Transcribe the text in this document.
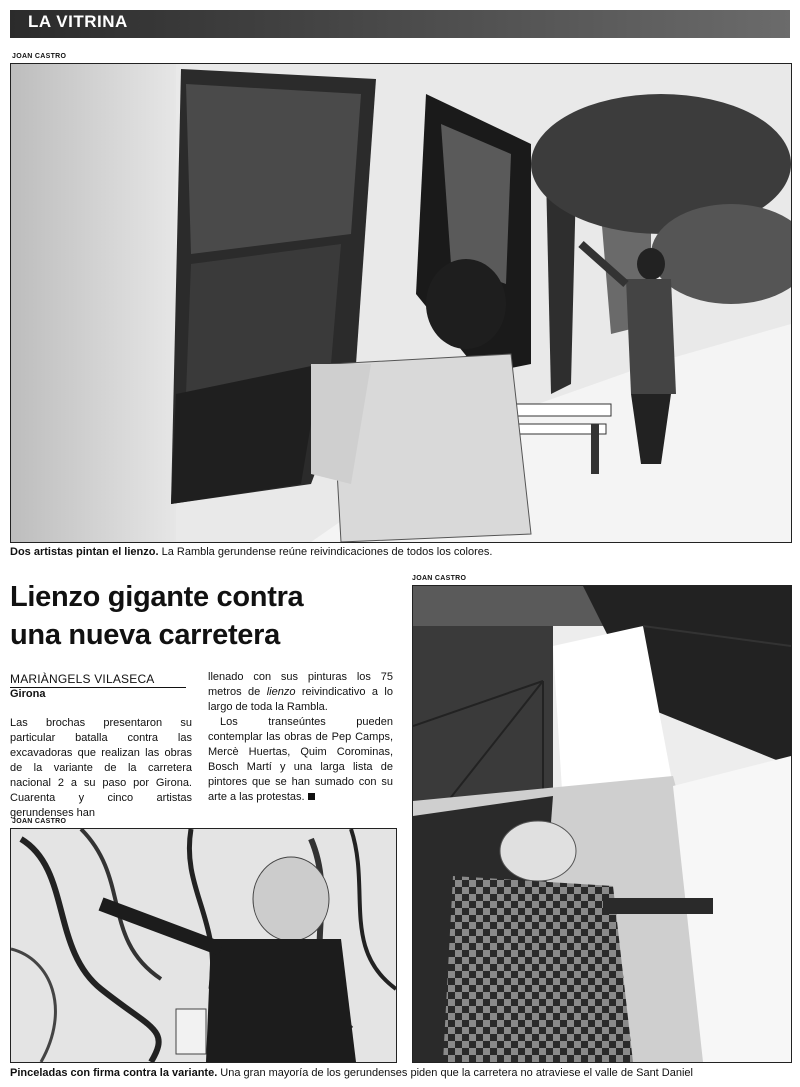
LA VITRINA
JOAN CASTRO
Dos artistas pintan el lienzo. La Rambla gerundense reúne reivindicaciones de todos los colores.
Lienzo gigante contra
una nueva carretera
MARIÀNGELS VILASECA
Girona

Las brochas presentaron su particular batalla contra las excavadoras que realizan las obras de la variante de la carretera nacional 2 a su paso por Girona. Cuarenta y cinco artistas gerundenses han

llenado con sus pinturas los 75 metros de lienzo reivindicativo a lo largo de toda la Rambla.

Los transeúntes pueden contemplar las obras de Pep Camps, Mercè Huertas, Quim Corominas, Bosch Martí y una larga lista de pintores que se han sumado con su arte a las protestas.

JOAN CASTRO
JOAN CASTRO
Pinceladas con firma contra la variante. Una gran mayoría de los gerundenses piden que la carretera no atraviese el valle de Sant Daniel
